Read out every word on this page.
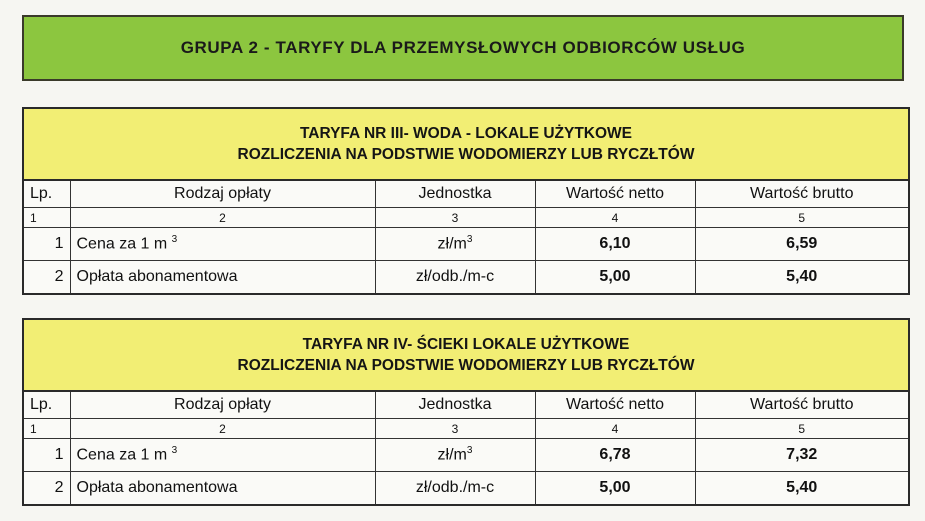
GRUPA 2 - TARYFY DLA PRZEMYSŁOWYCH ODBIORCÓW USŁUG
TARYFA NR III- WODA - LOKALE UŻYTKOWE
ROZLICZENIA NA PODSTWIE WODOMIERZY LUB RYCZŁTÓW
Lp.	Rodzaj opłaty	Jednostka	Wartość netto	Wartość brutto
1	2	3	4	5
1	Cena za 1 m $^3$	$zł/m^3$	6,10	6,59
2	Opłata abonamentowa	zł/odb./m-c	5,00	5,40
TARYFA NR IV- ŚCIEKI LOKALE UŻYTKOWE
ROZLICZENIA NA PODSTWIE WODOMIERZY LUB RYCZŁTÓW
Lp.	Rodzaj opłaty	Jednostka	Wartość netto	Wartość brutto
1	2	3	4	5
1	Cena za 1 m $^3$	$zł/m^3$	6,78	7,32
2	Opłata abonamentowa	zł/odb./m-c	5,00	5,40
